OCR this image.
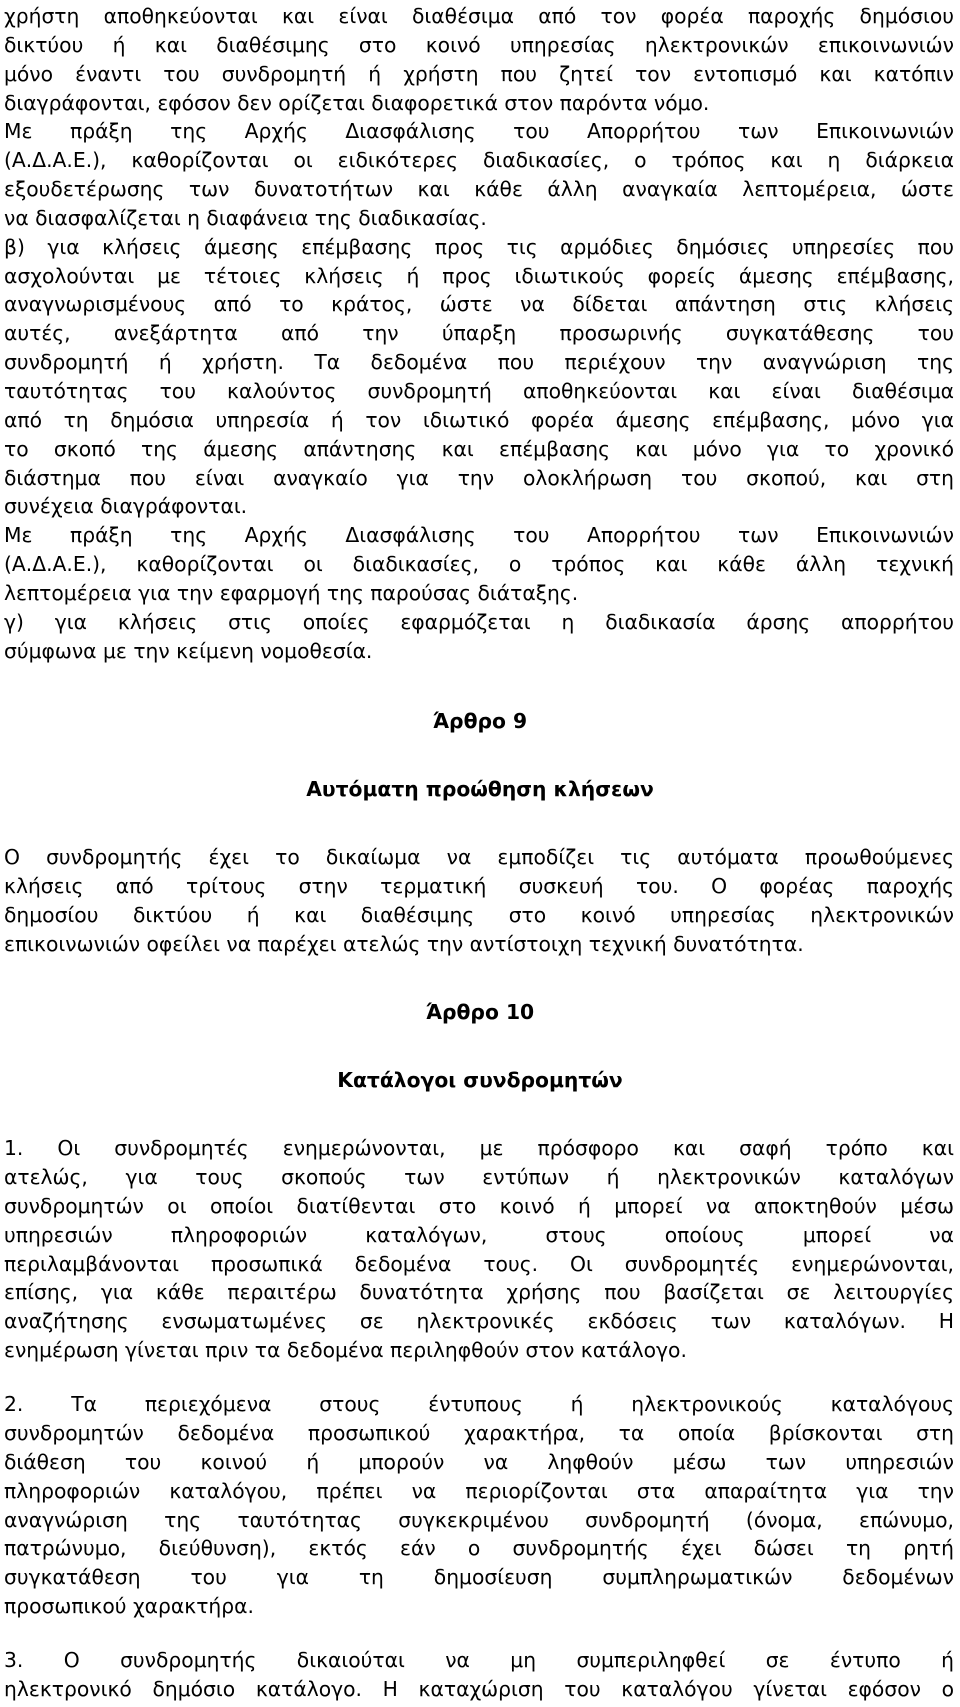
χρήστη αποθηκεύονται και είναι διαθέσιμα από τον φορέα παροχής δημόσιου
δικτύου ή και διαθέσιμης στο κοινό υπηρεσίας ηλεκτρονικών επικοινωνιών
μόνο έναντι του συνδρομητή ή χρήστη που ζητεί τον εντοπισμό και κατόπιν
διαγράφονται, εφόσον δεν ορίζεται διαφορετικά στον παρόντα νόμο.
Με πράξη της Αρχής Διασφάλισης του Απορρήτου των Επικοινωνιών
(Α.Δ.Α.Ε.), καθορίζονται οι ειδικότερες διαδικασίες, ο τρόπος και η διάρκεια
εξουδετέρωσης των δυνατοτήτων και κάθε άλλη αναγκαία λεπτομέρεια, ώστε
να διασφαλίζεται η διαφάνεια της διαδικασίας.
β) για κλήσεις άμεσης επέμβασης προς τις αρμόδιες δημόσιες υπηρεσίες που
ασχολούνται με τέτοιες κλήσεις ή προς ιδιωτικούς φορείς άμεσης επέμβασης,
αναγνωρισμένους από το κράτος, ώστε να δίδεται απάντηση στις κλήσεις
αυτές, ανεξάρτητα από την ύπαρξη προσωρινής συγκατάθεσης του
συνδρομητή ή χρήστη. Τα δεδομένα που περιέχουν την αναγνώριση της
ταυτότητας του καλούντος συνδρομητή αποθηκεύονται και είναι διαθέσιμα
από τη δημόσια υπηρεσία ή τον ιδιωτικό φορέα άμεσης επέμβασης, μόνο για
το σκοπό της άμεσης απάντησης και επέμβασης και μόνο για το χρονικό
διάστημα που είναι αναγκαίο για την ολοκλήρωση του σκοπού, και στη
συνέχεια διαγράφονται.
Με πράξη της Αρχής Διασφάλισης του Απορρήτου των Επικοινωνιών
(Α.Δ.Α.Ε.), καθορίζονται οι διαδικασίες, ο τρόπος και κάθε άλλη τεχνική
λεπτομέρεια για την εφαρμογή της παρούσας διάταξης.
γ) για κλήσεις στις οποίες εφαρμόζεται η διαδικασία άρσης απορρήτου
σύμφωνα με την κείμενη νομοθεσία.
Άρθρο 9
Αυτόματη προώθηση κλήσεων
Ο συνδρομητής έχει το δικαίωμα να εμποδίζει τις αυτόματα προωθούμενες
κλήσεις από τρίτους στην τερματική συσκευή του. Ο φορέας παροχής
δημοσίου δικτύου ή και διαθέσιμης στο κοινό υπηρεσίας ηλεκτρονικών
επικοινωνιών οφείλει να παρέχει ατελώς την αντίστοιχη τεχνική δυνατότητα.
Άρθρο 10
Κατάλογοι συνδρομητών
1. Οι συνδρομητές ενημερώνονται, με πρόσφορο και σαφή τρόπο και
ατελώς, για τους σκοπούς των εντύπων ή ηλεκτρονικών καταλόγων
συνδρομητών οι οποίοι διατίθενται στο κοινό ή μπορεί να αποκτηθούν μέσω
υπηρεσιών πληροφοριών καταλόγων, στους οποίους μπορεί να
περιλαμβάνονται προσωπικά δεδομένα τους. Οι συνδρομητές ενημερώνονται,
επίσης, για κάθε περαιτέρω δυνατότητα χρήσης που βασίζεται σε λειτουργίες
αναζήτησης ενσωματωμένες σε ηλεκτρονικές εκδόσεις των καταλόγων. Η
ενημέρωση γίνεται πριν τα δεδομένα περιληφθούν στον κατάλογο.
2. Τα περιεχόμενα στους έντυπους ή ηλεκτρονικούς καταλόγους
συνδρομητών δεδομένα προσωπικού χαρακτήρα, τα οποία βρίσκονται στη
διάθεση του κοινού ή μπορούν να ληφθούν μέσω των υπηρεσιών
πληροφοριών καταλόγου, πρέπει να περιορίζονται στα απαραίτητα για την
αναγνώριση της ταυτότητας συγκεκριμένου συνδρομητή (όνομα, επώνυμο,
πατρώνυμο, διεύθυνση), εκτός εάν ο συνδρομητής έχει δώσει τη ρητή
συγκατάθεση του για τη δημοσίευση συμπληρωματικών δεδομένων
προσωπικού χαρακτήρα.
3. Ο συνδρομητής δικαιούται να μη συμπεριληφθεί σε έντυπο ή
ηλεκτρονικό δημόσιο κατάλογο. Η καταχώριση του καταλόγου γίνεται εφόσον ο
